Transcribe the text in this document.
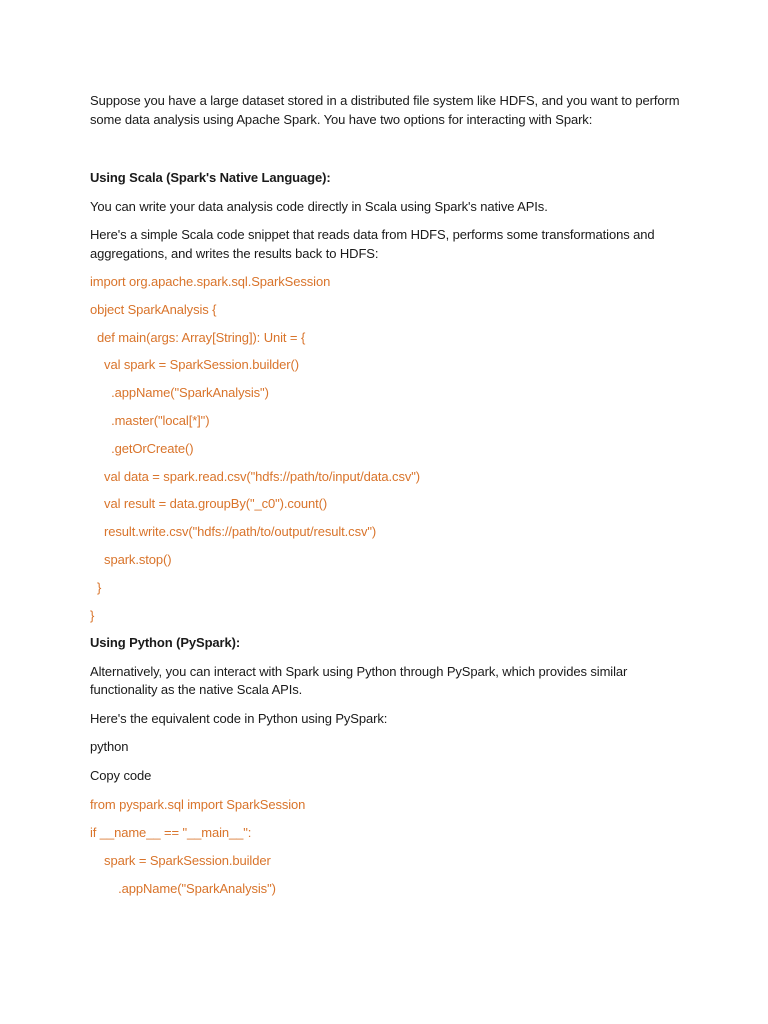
Suppose you have a large dataset stored in a distributed file system like HDFS, and you want to perform some data analysis using Apache Spark. You have two options for interacting with Spark:

Using Scala (Spark's Native Language):

You can write your data analysis code directly in Scala using Spark's native APIs.

Here's a simple Scala code snippet that reads data from HDFS, performs some transformations and aggregations, and writes the results back to HDFS:

import org.apache.spark.sql.SparkSession

object SparkAnalysis {

def main(args: Array[String]): Unit = {

val spark = SparkSession.builder()

.appName("SparkAnalysis")

.master("local[*]")

.getOrCreate()

val data = spark.read.csv("hdfs://path/to/input/data.csv")

val result = data.groupBy("_c0").count()

result.write.csv("hdfs://path/to/output/result.csv")

spark.stop()

}

}

Using Python (PySpark):

Alternatively, you can interact with Spark using Python through PySpark, which provides similar functionality as the native Scala APIs.

Here's the equivalent code in Python using PySpark:

python

Copy code

from pyspark.sql import SparkSession

if __name__ == "__main__":

spark = SparkSession.builder

.appName("SparkAnalysis")
